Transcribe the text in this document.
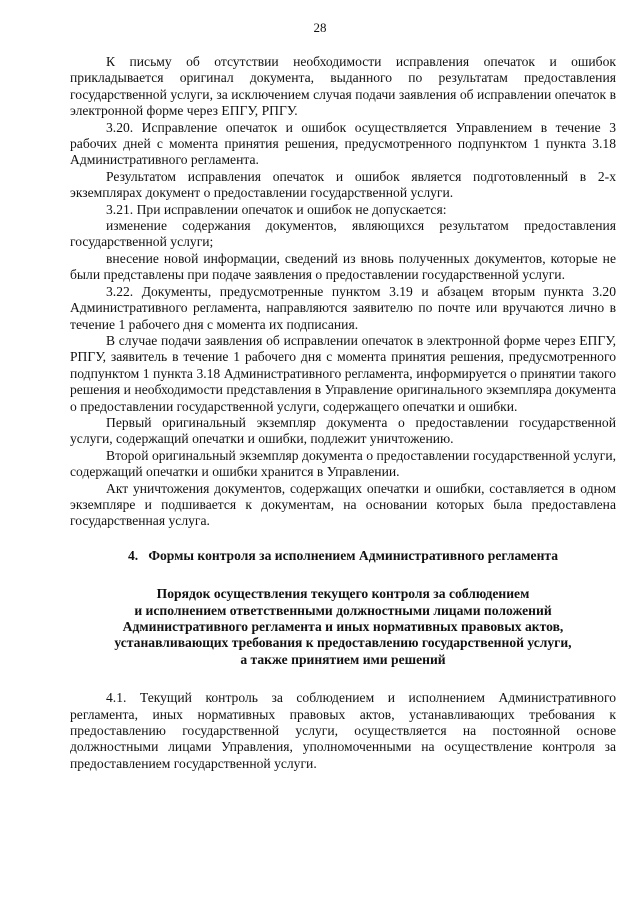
28

К письму об отсутствии необходимости исправления опечаток и ошибок прикладывается оригинал документа, выданного по результатам предоставления государственной услуги, за исключением случая подачи заявления об исправлении опечаток в электронной форме через ЕПГУ, РПГУ.

3.20. Исправление опечаток и ошибок осуществляется Управлением в течение 3 рабочих дней с момента принятия решения, предусмотренного подпунктом 1 пункта 3.18 Административного регламента.

Результатом исправления опечаток и ошибок является подготовленный в 2-х экземплярах документ о предоставлении государственной услуги.

3.21. При исправлении опечаток и ошибок не допускается:

изменение содержания документов, являющихся результатом предоставления государственной услуги;

внесение новой информации, сведений из вновь полученных документов, которые не были представлены при подаче заявления о предоставлении государственной услуги.

3.22. Документы, предусмотренные пунктом 3.19 и абзацем вторым пункта 3.20 Административного регламента, направляются заявителю по почте или вручаются лично в течение 1 рабочего дня с момента их подписания.

В случае подачи заявления об исправлении опечаток в электронной форме через ЕПГУ, РПГУ, заявитель в течение 1 рабочего дня с момента принятия решения, предусмотренного подпунктом 1 пункта 3.18 Административного регламента, информируется о принятии такого решения и необходимости представления в Управление оригинального экземпляра документа о предоставлении государственной услуги, содержащего опечатки и ошибки.

Первый оригинальный экземпляр документа о предоставлении государственной услуги, содержащий опечатки и ошибки, подлежит уничтожению.

Второй оригинальный экземпляр документа о предоставлении государственной услуги, содержащий опечатки и ошибки хранится в Управлении.

Акт уничтожения документов, содержащих опечатки и ошибки, составляется в одном экземпляре и подшивается к документам, на основании которых была предоставлена государственная услуга.

4.   Формы контроля за исполнением Административного регламента

Порядок осуществления текущего контроля за соблюдением
и исполнением ответственными должностными лицами положений
Административного регламента и иных нормативных правовых актов,
устанавливающих требования к предоставлению государственной услуги,
а также принятием ими решений

4.1. Текущий контроль за соблюдением и исполнением Административного регламента, иных нормативных правовых актов, устанавливающих требования к предоставлению государственной услуги, осуществляется на постоянной основе должностными лицами Управления, уполномоченными на осуществление контроля за предоставлением государственной услуги.
